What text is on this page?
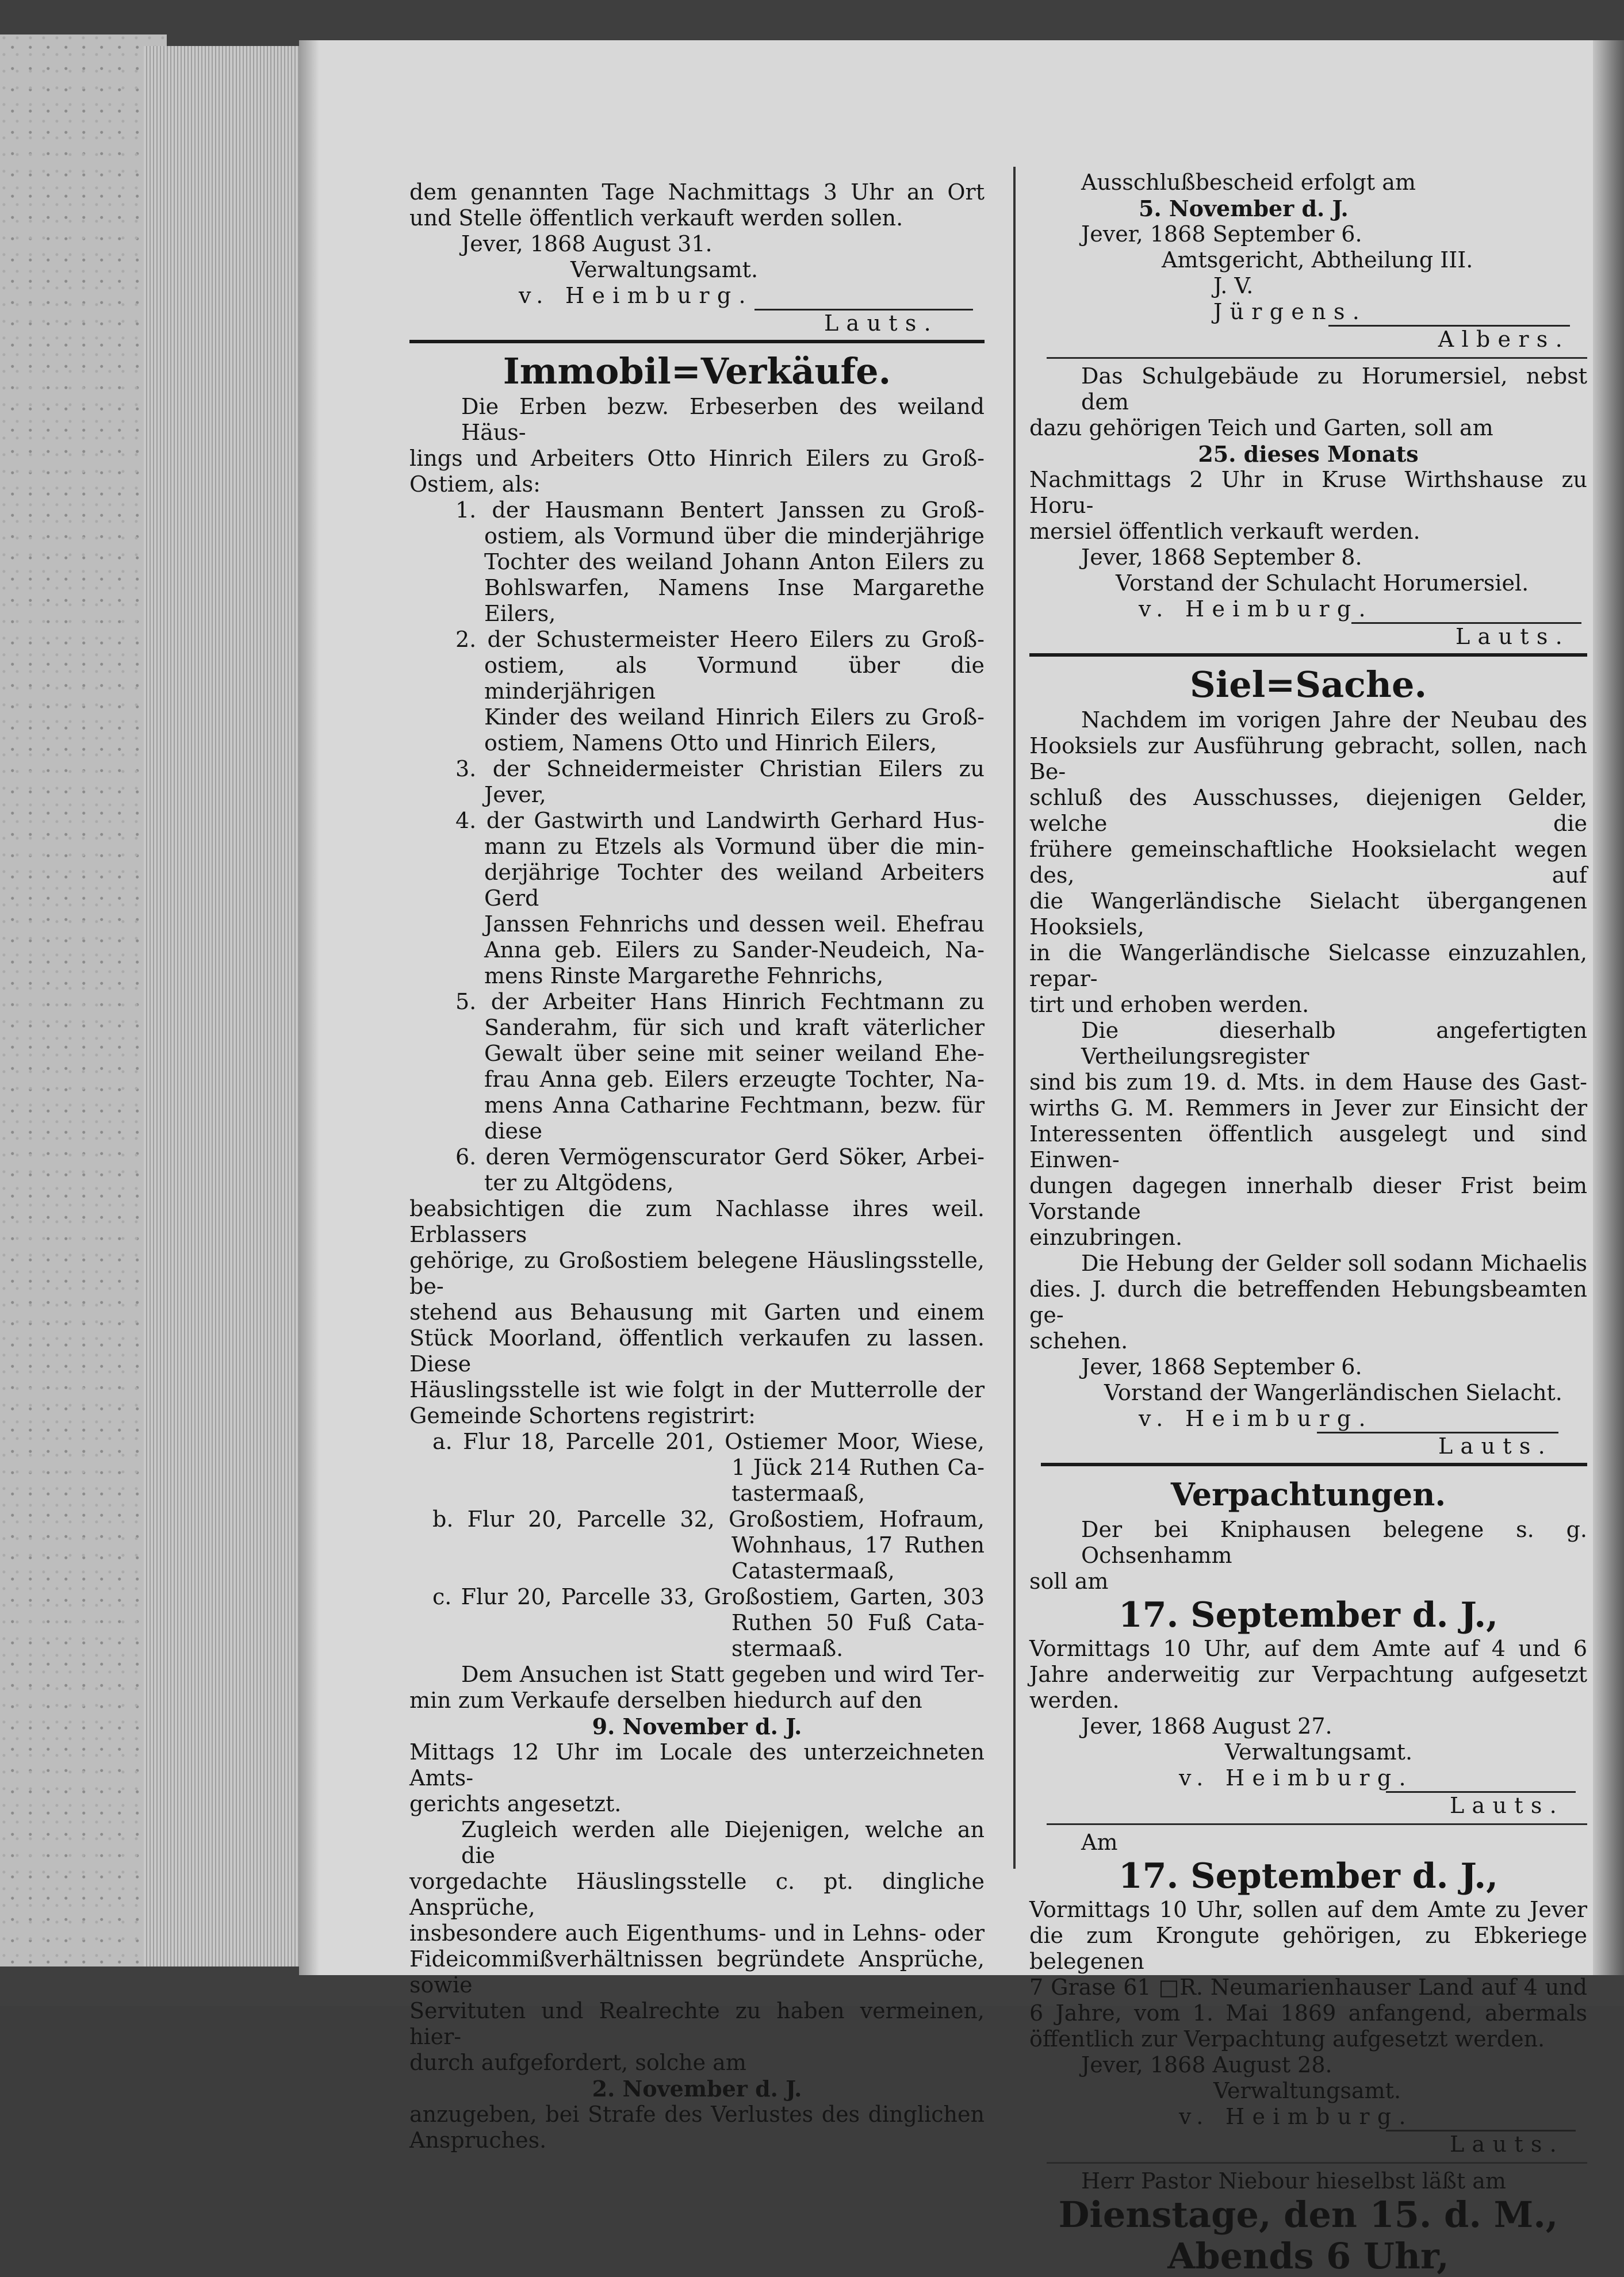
dem genannten Tage Nachmittags 3 Uhr an Ort
und Stelle öffentlich verkauft werden sollen.
Jever, 1868 August 31.
Verwaltungsamt.
v. Heimburg.
Lauts.
Immobil=Verkäufe.
Die Erben bezw. Erbeserben des weiland Häus-
lings und Arbeiters Otto Hinrich Eilers zu Groß-
Ostiem, als:
1. der Hausmann Bentert Janssen zu Groß-
ostiem, als Vormund über die minderjährige
Tochter des weiland Johann Anton Eilers zu
Bohlswarfen, Namens Inse Margarethe
Eilers,
2. der Schustermeister Heero Eilers zu Groß-
ostiem, als Vormund über die minderjährigen
Kinder des weiland Hinrich Eilers zu Groß-
ostiem, Namens Otto und Hinrich Eilers,
3. der Schneidermeister Christian Eilers zu
Jever,
4. der Gastwirth und Landwirth Gerhard Hus-
mann zu Etzels als Vormund über die min-
derjährige Tochter des weiland Arbeiters Gerd
Janssen Fehnrichs und dessen weil. Ehefrau
Anna geb. Eilers zu Sander-Neudeich, Na-
mens Rinste Margarethe Fehnrichs,
5. der Arbeiter Hans Hinrich Fechtmann zu
Sanderahm, für sich und kraft väterlicher
Gewalt über seine mit seiner weiland Ehe-
frau Anna geb. Eilers erzeugte Tochter, Na-
mens Anna Catharine Fechtmann, bezw. für
diese
6. deren Vermögenscurator Gerd Söker, Arbei-
ter zu Altgödens,
beabsichtigen die zum Nachlasse ihres weil. Erblassers
gehörige, zu Großostiem belegene Häuslingsstelle, be-
stehend aus Behausung mit Garten und einem
Stück Moorland, öffentlich verkaufen zu lassen. Diese
Häuslingsstelle ist wie folgt in der Mutterrolle der
Gemeinde Schortens registrirt:
a. Flur 18, Parcelle 201, Ostiemer Moor, Wiese,
1 Jück 214 Ruthen Ca-
tastermaaß,
b. Flur 20, Parcelle 32, Großostiem, Hofraum,
Wohnhaus, 17 Ruthen
Catastermaaß,
c. Flur 20, Parcelle 33, Großostiem, Garten, 303
Ruthen 50 Fuß Cata-
stermaaß.
Dem Ansuchen ist Statt gegeben und wird Ter-
min zum Verkaufe derselben hiedurch auf den
9. November d. J.
Mittags 12 Uhr im Locale des unterzeichneten Amts-
gerichts angesetzt.
Zugleich werden alle Diejenigen, welche an die
vorgedachte Häuslingsstelle c. pt. dingliche Ansprüche,
insbesondere auch Eigenthums- und in Lehns- oder
Fideicommißverhältnissen begründete Ansprüche, sowie
Servituten und Realrechte zu haben vermeinen, hier-
durch aufgefordert, solche am
2. November d. J.
anzugeben, bei Strafe des Verlustes des dinglichen
Anspruches.
Ausschlußbescheid erfolgt am
5. November d. J.
Jever, 1868 September 6.
Amtsgericht, Abtheilung III.
J. V.
Jürgens.
Albers.
Das Schulgebäude zu Horumersiel, nebst dem
dazu gehörigen Teich und Garten, soll am
25. dieses Monats
Nachmittags 2 Uhr in Kruse Wirthshause zu Horu-
mersiel öffentlich verkauft werden.
Jever, 1868 September 8.
Vorstand der Schulacht Horumersiel.
v. Heimburg.
Lauts.
Siel=Sache.
Nachdem im vorigen Jahre der Neubau des
Hooksiels zur Ausführung gebracht, sollen, nach Be-
schluß des Ausschusses, diejenigen Gelder, welche die
frühere gemeinschaftliche Hooksielacht wegen des, auf
die Wangerländische Sielacht übergangenen Hooksiels,
in die Wangerländische Sielcasse einzuzahlen, repar-
tirt und erhoben werden.
Die dieserhalb angefertigten Vertheilungsregister
sind bis zum 19. d. Mts. in dem Hause des Gast-
wirths G. M. Remmers in Jever zur Einsicht der
Interessenten öffentlich ausgelegt und sind Einwen-
dungen dagegen innerhalb dieser Frist beim Vorstande
einzubringen.
Die Hebung der Gelder soll sodann Michaelis
dies. J. durch die betreffenden Hebungsbeamten ge-
schehen.
Jever, 1868 September 6.
Vorstand der Wangerländischen Sielacht.
v. Heimburg.
Lauts.
Verpachtungen.
Der bei Kniphausen belegene s. g. Ochsenhamm
soll am
17. September d. J.,
Vormittags 10 Uhr, auf dem Amte auf 4 und 6
Jahre anderweitig zur Verpachtung aufgesetzt werden.
Jever, 1868 August 27.
Verwaltungsamt.
v. Heimburg.
Lauts.
Am
17. September d. J.,
Vormittags 10 Uhr, sollen auf dem Amte zu Jever
die zum Krongute gehörigen, zu Ebkeriege belegenen
7 Grase 61 □R. Neumarienhauser Land auf 4 und
6 Jahre, vom 1. Mai 1869 anfangend, abermals
öffentlich zur Verpachtung aufgesetzt werden.
Jever, 1868 August 28.
Verwaltungsamt.
v. Heimburg.
Lauts.
Herr Pastor Niebour hieselbst läßt am
Dienstage, den 15. d. M.,
Abends 6 Uhr,
